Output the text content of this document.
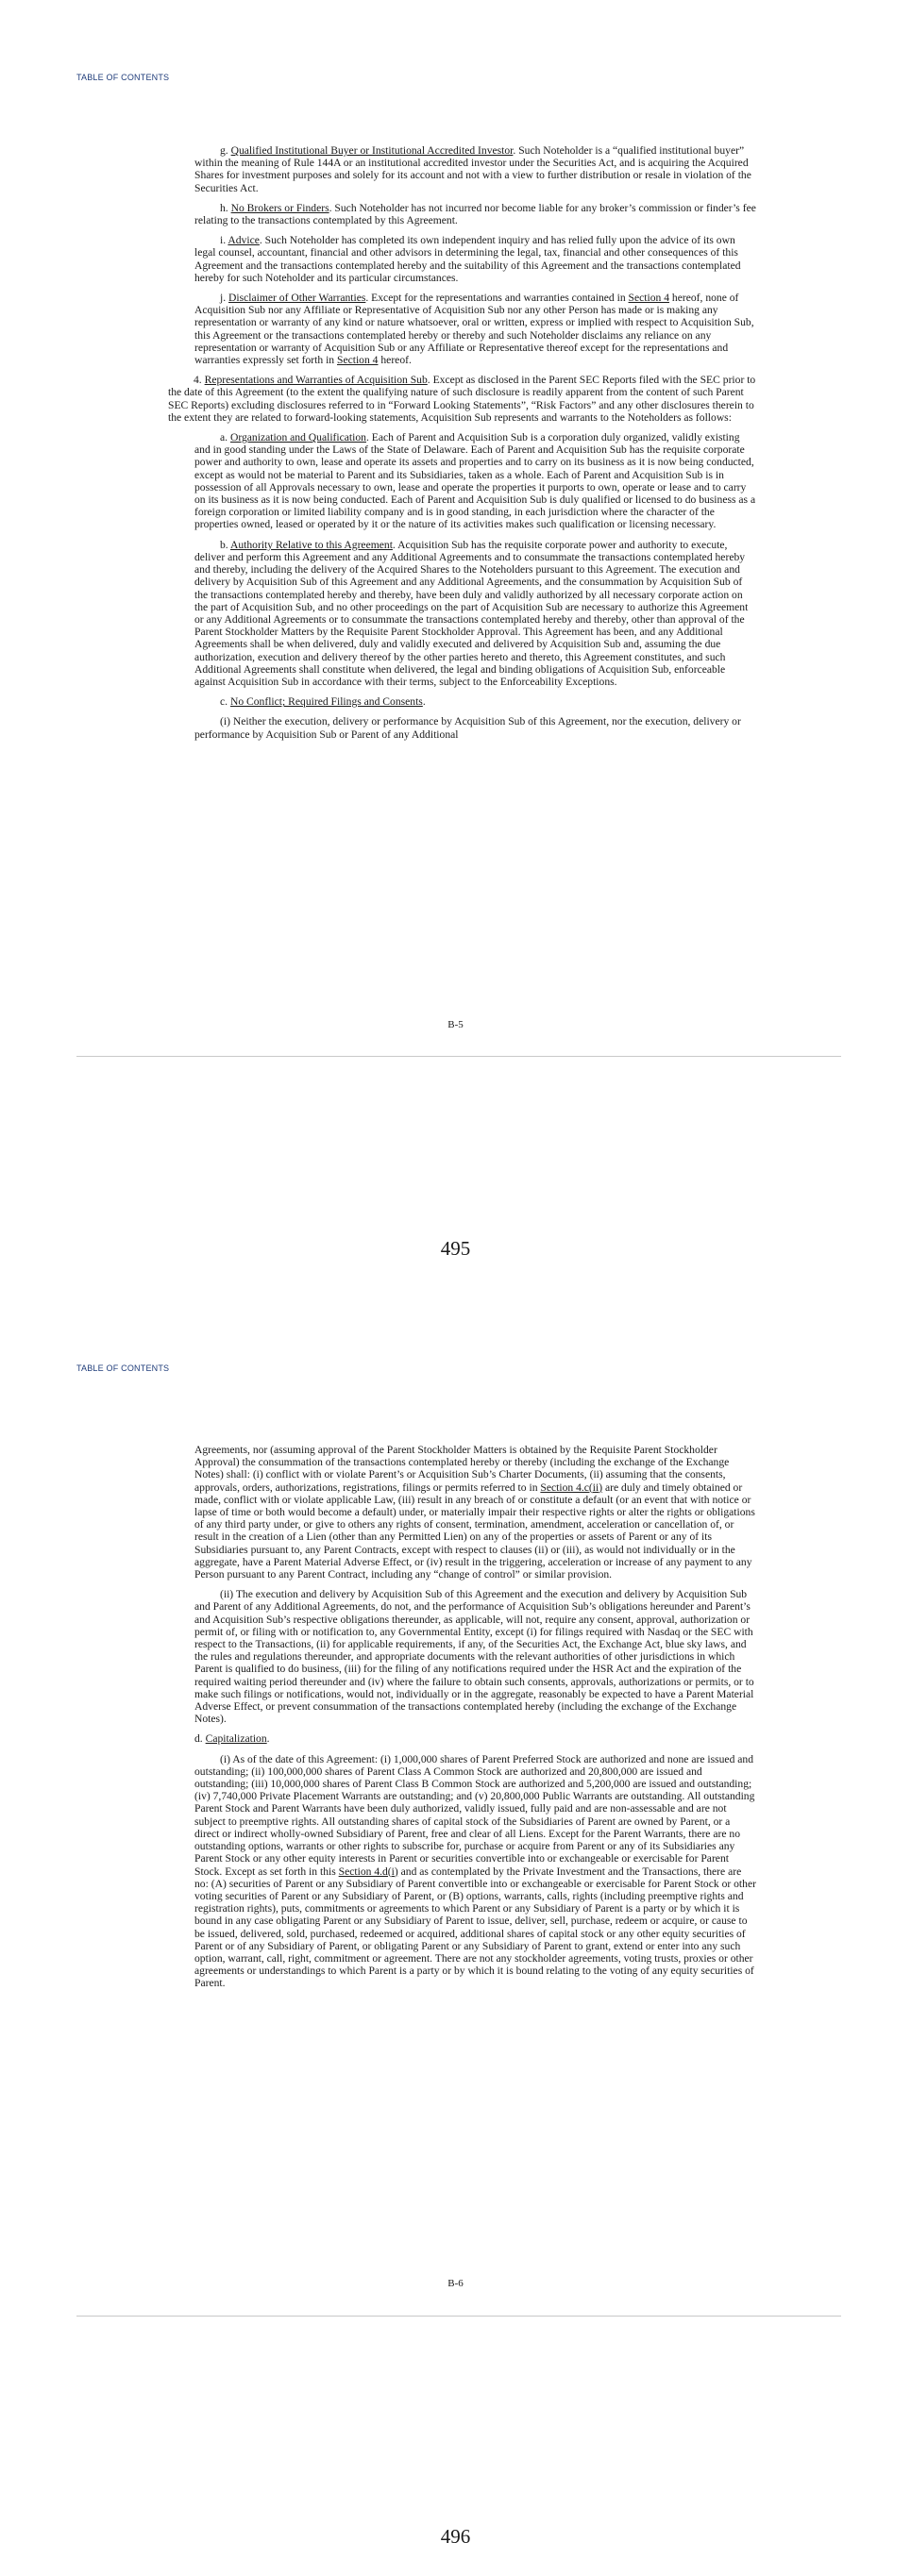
TABLE OF CONTENTS

g. Qualified Institutional Buyer or Institutional Accredited Investor. Such Noteholder is a “qualified institutional buyer” within the meaning of Rule 144A or an institutional accredited investor under the Securities Act, and is acquiring the Acquired Shares for investment purposes and solely for its account and not with a view to further distribution or resale in violation of the Securities Act.

h. No Brokers or Finders. Such Noteholder has not incurred nor become liable for any broker’s commission or finder’s fee relating to the transactions contemplated by this Agreement.

i. Advice. Such Noteholder has completed its own independent inquiry and has relied fully upon the advice of its own legal counsel, accountant, financial and other advisors in determining the legal, tax, financial and other consequences of this Agreement and the transactions contemplated hereby and the suitability of this Agreement and the transactions contemplated hereby for such Noteholder and its particular circumstances.

j. Disclaimer of Other Warranties. Except for the representations and warranties contained in Section 4 hereof, none of Acquisition Sub nor any Affiliate or Representative of Acquisition Sub nor any other Person has made or is making any representation or warranty of any kind or nature whatsoever, oral or written, express or implied with respect to Acquisition Sub, this Agreement or the transactions contemplated hereby or thereby and such Noteholder disclaims any reliance on any representation or warranty of Acquisition Sub or any Affiliate or Representative thereof except for the representations and warranties expressly set forth in Section 4 hereof.

4. Representations and Warranties of Acquisition Sub. Except as disclosed in the Parent SEC Reports filed with the SEC prior to the date of this Agreement (to the extent the qualifying nature of such disclosure is readily apparent from the content of such Parent SEC Reports) excluding disclosures referred to in “Forward Looking Statements”, “Risk Factors” and any other disclosures therein to the extent they are related to forward-looking statements, Acquisition Sub represents and warrants to the Noteholders as follows:

a. Organization and Qualification. Each of Parent and Acquisition Sub is a corporation duly organized, validly existing and in good standing under the Laws of the State of Delaware. Each of Parent and Acquisition Sub has the requisite corporate power and authority to own, lease and operate its assets and properties and to carry on its business as it is now being conducted, except as would not be material to Parent and its Subsidiaries, taken as a whole. Each of Parent and Acquisition Sub is in possession of all Approvals necessary to own, lease and operate the properties it purports to own, operate or lease and to carry on its business as it is now being conducted. Each of Parent and Acquisition Sub is duly qualified or licensed to do business as a foreign corporation or limited liability company and is in good standing, in each jurisdiction where the character of the properties owned, leased or operated by it or the nature of its activities makes such qualification or licensing necessary.

b. Authority Relative to this Agreement. Acquisition Sub has the requisite corporate power and authority to execute, deliver and perform this Agreement and any Additional Agreements and to consummate the transactions contemplated hereby and thereby, including the delivery of the Acquired Shares to the Noteholders pursuant to this Agreement. The execution and delivery by Acquisition Sub of this Agreement and any Additional Agreements, and the consummation by Acquisition Sub of the transactions contemplated hereby and thereby, have been duly and validly authorized by all necessary corporate action on the part of Acquisition Sub, and no other proceedings on the part of Acquisition Sub are necessary to authorize this Agreement or any Additional Agreements or to consummate the transactions contemplated hereby and thereby, other than approval of the Parent Stockholder Matters by the Requisite Parent Stockholder Approval. This Agreement has been, and any Additional Agreements shall be when delivered, duly and validly executed and delivered by Acquisition Sub and, assuming the due authorization, execution and delivery thereof by the other parties hereto and thereto, this Agreement constitutes, and such Additional Agreements shall constitute when delivered, the legal and binding obligations of Acquisition Sub, enforceable against Acquisition Sub in accordance with their terms, subject to the Enforceability Exceptions.

c. No Conflict; Required Filings and Consents.

(i) Neither the execution, delivery or performance by Acquisition Sub of this Agreement, nor the execution, delivery or performance by Acquisition Sub or Parent of any Additional

B-5
495
TABLE OF CONTENTS

Agreements, nor (assuming approval of the Parent Stockholder Matters is obtained by the Requisite Parent Stockholder Approval) the consummation of the transactions contemplated hereby or thereby (including the exchange of the Exchange Notes) shall: (i) conflict with or violate Parent’s or Acquisition Sub’s Charter Documents, (ii) assuming that the consents, approvals, orders, authorizations, registrations, filings or permits referred to in Section 4.c(ii) are duly and timely obtained or made, conflict with or violate applicable Law, (iii) result in any breach of or constitute a default (or an event that with notice or lapse of time or both would become a default) under, or materially impair their respective rights or alter the rights or obligations of any third party under, or give to others any rights of consent, termination, amendment, acceleration or cancellation of, or result in the creation of a Lien (other than any Permitted Lien) on any of the properties or assets of Parent or any of its Subsidiaries pursuant to, any Parent Contracts, except with respect to clauses (ii) or (iii), as would not individually or in the aggregate, have a Parent Material Adverse Effect, or (iv) result in the triggering, acceleration or increase of any payment to any Person pursuant to any Parent Contract, including any “change of control” or similar provision.

(ii) The execution and delivery by Acquisition Sub of this Agreement and the execution and delivery by Acquisition Sub and Parent of any Additional Agreements, do not, and the performance of Acquisition Sub’s obligations hereunder and Parent’s and Acquisition Sub’s respective obligations thereunder, as applicable, will not, require any consent, approval, authorization or permit of, or filing with or notification to, any Governmental Entity, except (i) for filings required with Nasdaq or the SEC with respect to the Transactions, (ii) for applicable requirements, if any, of the Securities Act, the Exchange Act, blue sky laws, and the rules and regulations thereunder, and appropriate documents with the relevant authorities of other jurisdictions in which Parent is qualified to do business, (iii) for the filing of any notifications required under the HSR Act and the expiration of the required waiting period thereunder and (iv) where the failure to obtain such consents, approvals, authorizations or permits, or to make such filings or notifications, would not, individually or in the aggregate, reasonably be expected to have a Parent Material Adverse Effect, or prevent consummation of the transactions contemplated hereby (including the exchange of the Exchange Notes).

d. Capitalization.

(i) As of the date of this Agreement: (i) 1,000,000 shares of Parent Preferred Stock are authorized and none are issued and outstanding; (ii) 100,000,000 shares of Parent Class A Common Stock are authorized and 20,800,000 are issued and outstanding; (iii) 10,000,000 shares of Parent Class B Common Stock are authorized and 5,200,000 are issued and outstanding; (iv) 7,740,000 Private Placement Warrants are outstanding; and (v) 20,800,000 Public Warrants are outstanding. All outstanding Parent Stock and Parent Warrants have been duly authorized, validly issued, fully paid and are non-assessable and are not subject to preemptive rights. All outstanding shares of capital stock of the Subsidiaries of Parent are owned by Parent, or a direct or indirect wholly-owned Subsidiary of Parent, free and clear of all Liens. Except for the Parent Warrants, there are no outstanding options, warrants or other rights to subscribe for, purchase or acquire from Parent or any of its Subsidiaries any Parent Stock or any other equity interests in Parent or securities convertible into or exchangeable or exercisable for Parent Stock. Except as set forth in this Section 4.d(i) and as contemplated by the Private Investment and the Transactions, there are no: (A) securities of Parent or any Subsidiary of Parent convertible into or exchangeable or exercisable for Parent Stock or other voting securities of Parent or any Subsidiary of Parent, or (B) options, warrants, calls, rights (including preemptive rights and registration rights), puts, commitments or agreements to which Parent or any Subsidiary of Parent is a party or by which it is bound in any case obligating Parent or any Subsidiary of Parent to issue, deliver, sell, purchase, redeem or acquire, or cause to be issued, delivered, sold, purchased, redeemed or acquired, additional shares of capital stock or any other equity securities of Parent or of any Subsidiary of Parent, or obligating Parent or any Subsidiary of Parent to grant, extend or enter into any such option, warrant, call, right, commitment or agreement. There are not any stockholder agreements, voting trusts, proxies or other agreements or understandings to which Parent is a party or by which it is bound relating to the voting of any equity securities of Parent.

B-6
496
